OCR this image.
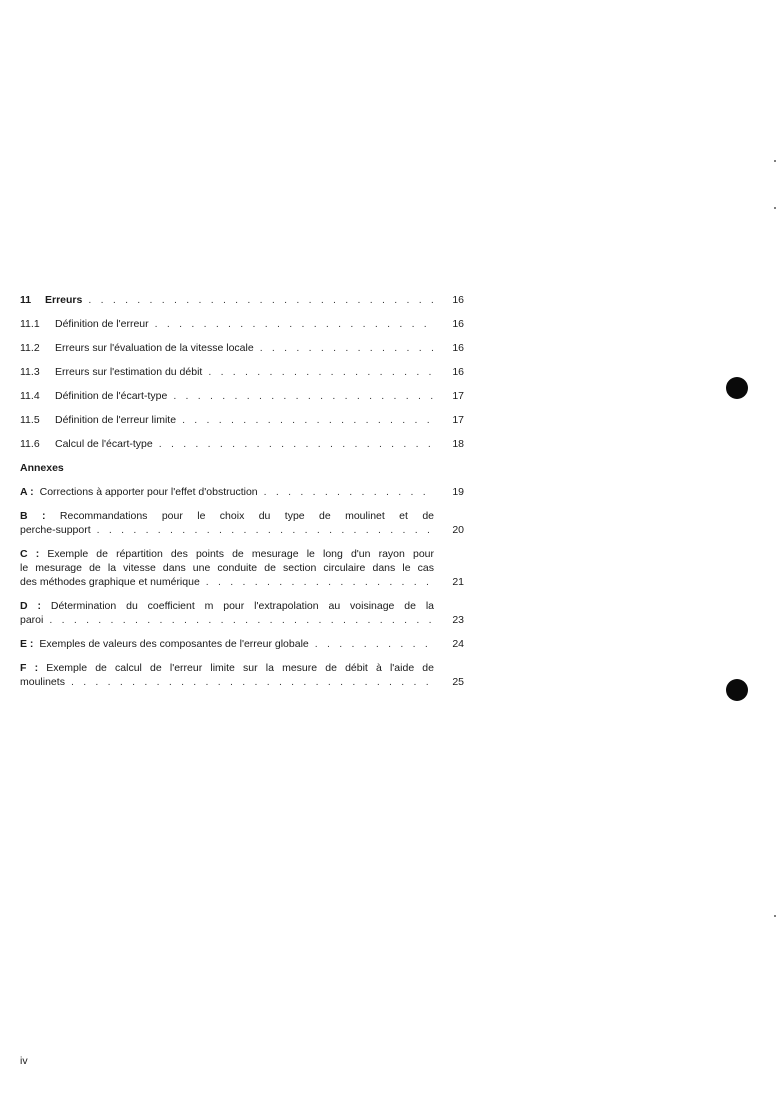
11	Erreurs . . .	16
11.1	Définition de l'erreur . . .	16
11.2	Erreurs sur l'évaluation de la vitesse locale . . .	16
11.3	Erreurs sur l'estimation du débit . . .	16
11.4	Définition de l'écart-type . . .	17
11.5	Définition de l'erreur limite . . .	17
11.6	Calcul de l'écart-type . . .	18
Annexes
A : Corrections à apporter pour l'effet d'obstruction . . .	19
B : Recommandations pour le choix du type de moulinet et de
perche-support . . .	20
C : Exemple de répartition des points de mesurage le long d'un rayon pour
le mesurage de la vitesse dans une conduite de section circulaire dans le cas
des méthodes graphique et numérique . . .	21
D : Détermination du coefficient m pour l'extrapolation au voisinage de la
paroi . . .	23
E : Exemples de valeurs des composantes de l'erreur globale . . .	24
F : Exemple de calcul de l'erreur limite sur la mesure de débit à l'aide de
moulinets . . .	25
iv
